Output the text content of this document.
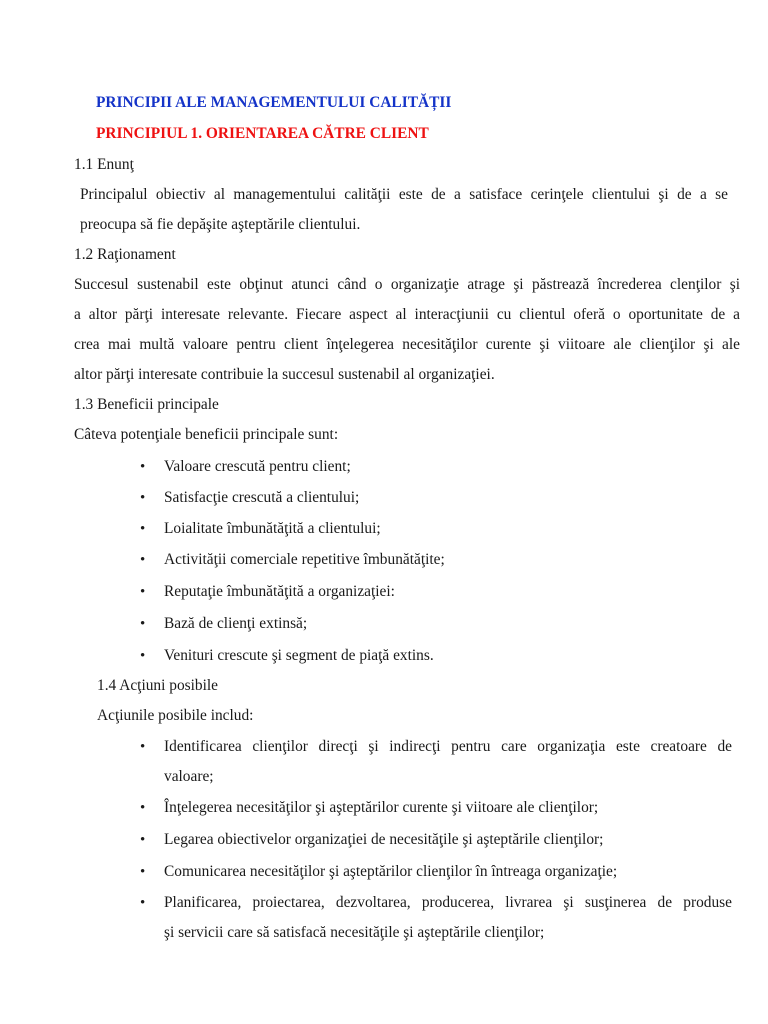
PRINCIPII ALE MANAGEMENTULUI CALITĂȚII
PRINCIPIUL 1. ORIENTAREA CĂTRE CLIENT
1.1 Enunţ
Principalul obiectiv al managementului calităţii este de a satisface cerinţele clientului şi de a se
preocupa să fie depăşite aşteptările clientului.
1.2 Raţionament
Succesul sustenabil este obţinut atunci când o organizaţie atrage şi păstrează încrederea clenţilor şi
a altor părţi interesate relevante. Fiecare aspect al interacţiunii cu clientul oferă o oportunitate de a
crea mai multă valoare pentru client înţelegerea necesităţilor curente şi viitoare ale clienţilor şi ale
altor părţi interesate contribuie la succesul sustenabil al organizaţiei.
1.3 Beneficii principale
Câteva potenţiale beneficii principale sunt:
• Valoare crescută pentru client;
• Satisfacţie crescută a clientului;
• Loialitate îmbunătăţită a clientului;
• Activităţii comerciale repetitive îmbunătăţite;
• Reputaţie îmbunătăţită a organizaţiei:
• Bază de clienţi extinsă;
• Venituri crescute şi segment de piaţă extins.
1.4 Acţiuni posibile
Acţiunile posibile includ:
• Identificarea clienţilor direcţi şi indirecţi pentru care organizaţia este creatoare de
valoare;
• Înţelegerea necesităţilor şi aşteptărilor curente şi viitoare ale clienţilor;
• Legarea obiectivelor organizaţiei de necesităţile şi aşteptările clienţilor;
• Comunicarea necesităţilor şi aşteptărilor clienţilor în întreaga organizaţie;
• Planificarea, proiectarea, dezvoltarea, producerea, livrarea şi susţinerea de produse
şi servicii care să satisfacă necesităţile şi aşteptările clienţilor;
